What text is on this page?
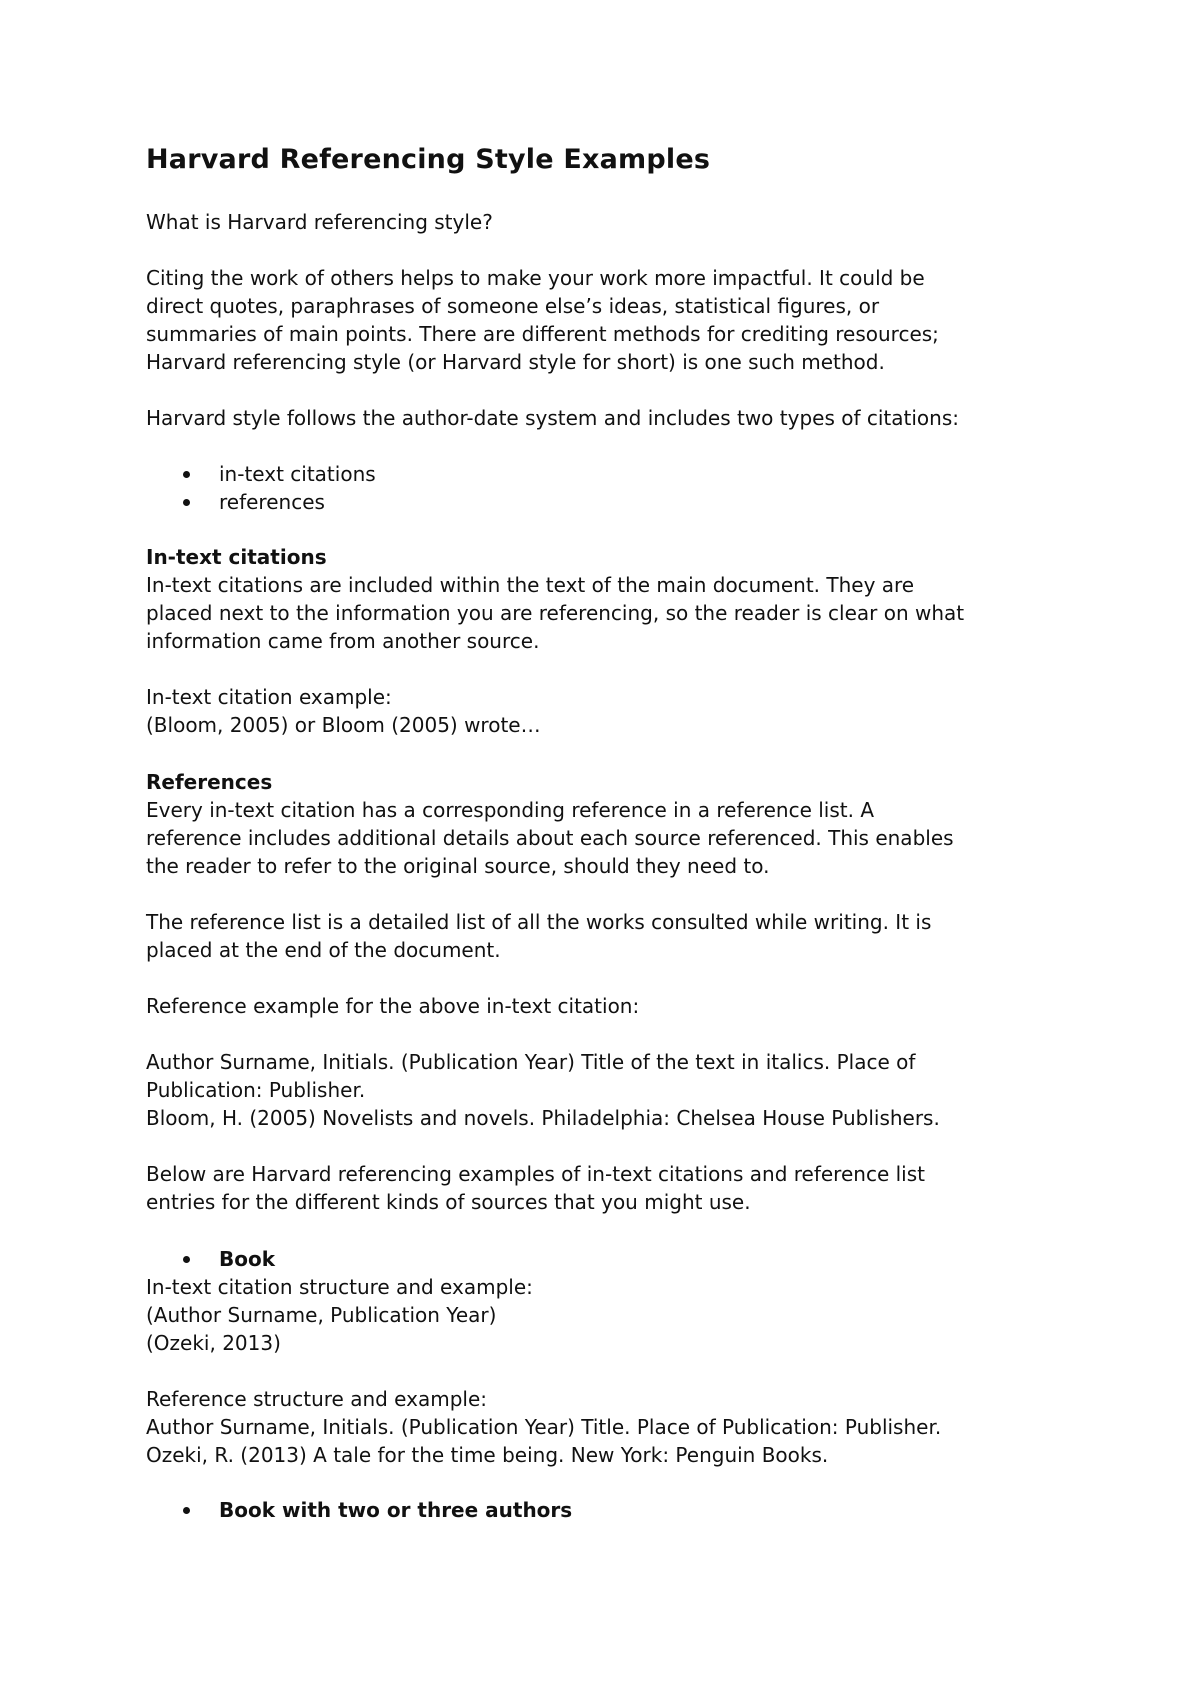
Harvard Referencing Style Examples

What is Harvard referencing style?

Citing the work of others helps to make your work more impactful. It could be
direct quotes, paraphrases of someone else’s ideas, statistical figures, or
summaries of main points. There are different methods for crediting resources;
Harvard referencing style (or Harvard style for short) is one such method.

Harvard style follows the author-date system and includes two types of citations:

in-text citations
references
In-text citations

In-text citations are included within the text of the main document. They are
placed next to the information you are referencing, so the reader is clear on what
information came from another source.

In-text citation example:
(Bloom, 2005) or Bloom (2005) wrote…

References

Every in-text citation has a corresponding reference in a reference list. A
reference includes additional details about each source referenced. This enables
the reader to refer to the original source, should they need to.

The reference list is a detailed list of all the works consulted while writing. It is
placed at the end of the document.

Reference example for the above in-text citation:

Author Surname, Initials. (Publication Year) Title of the text in italics. Place of
Publication: Publisher.
Bloom, H. (2005) Novelists and novels. Philadelphia: Chelsea House Publishers.

Below are Harvard referencing examples of in-text citations and reference list
entries for the different kinds of sources that you might use.

Book

In-text citation structure and example:
(Author Surname, Publication Year)
(Ozeki, 2013)

Reference structure and example:
Author Surname, Initials. (Publication Year) Title. Place of Publication: Publisher.
Ozeki, R. (2013) A tale for the time being. New York: Penguin Books.

Book with two or three authors
